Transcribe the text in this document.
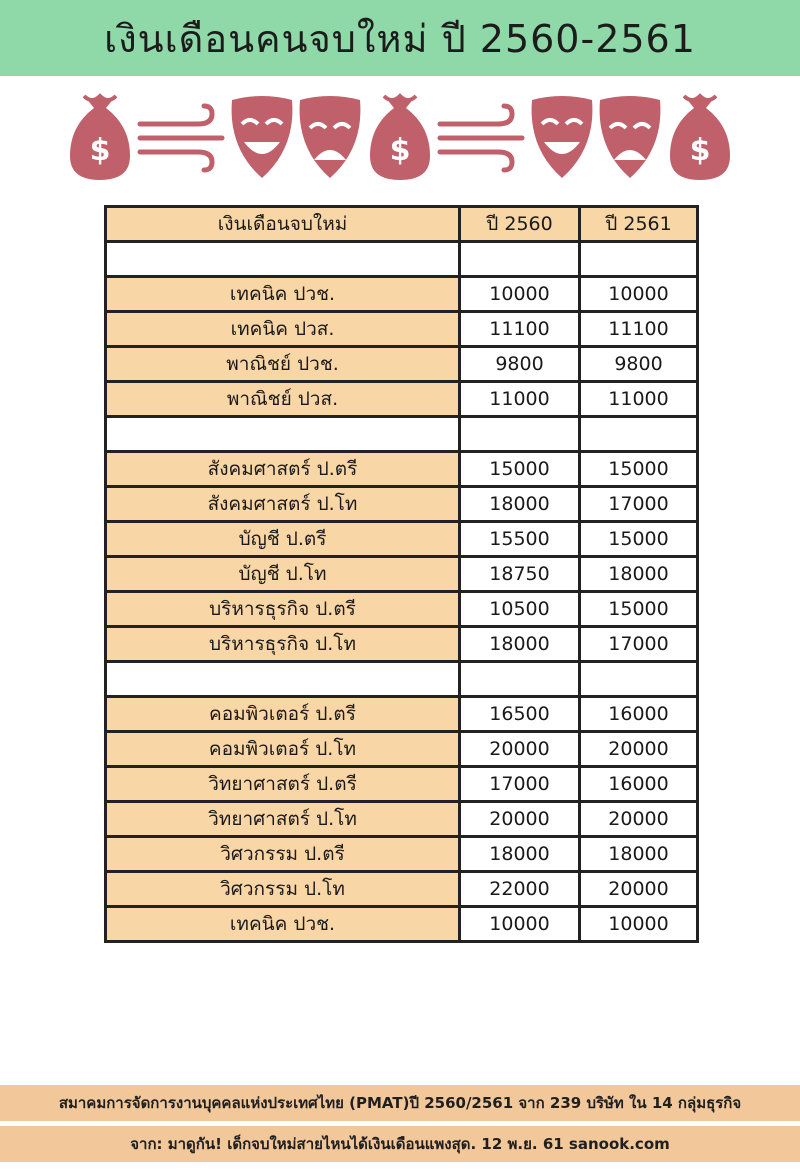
เงินเดือนคนจบใหม่ ปี 2560-2561
$
เงินเดือนจบใหม่	ปี 2560	ปี 2561

เทคนิค ปวช.	10000	10000
เทคนิค ปวส.	11100	11100
พาณิชย์ ปวช.	9800	9800
พาณิชย์ ปวส.	11000	11000

สังคมศาสตร์ ป.ตรี	15000	15000
สังคมศาสตร์ ป.โท	18000	17000
บัญชี ป.ตรี	15500	15000
บัญชี ป.โท	18750	18000
บริหารธุรกิจ ป.ตรี	10500	15000
บริหารธุรกิจ ป.โท	18000	17000

คอมพิวเตอร์ ป.ตรี	16500	16000
คอมพิวเตอร์ ป.โท	20000	20000
วิทยาศาสตร์ ป.ตรี	17000	16000
วิทยาศาสตร์ ป.โท	20000	20000
วิศวกรรม ป.ตรี	18000	18000
วิศวกรรม ป.โท	22000	20000
เทคนิค ปวช.	10000	10000
สมาคมการจัดการงานบุคคลแห่งประเทศไทย (PMAT)ปี 2560/2561 จาก 239 บริษัท ใน 14 กลุ่มธุรกิจ
จาก: มาดูกัน! เด็กจบใหม่สายไหนได้เงินเดือนแพงสุด. 12 พ.ย. 61 sanook.com
